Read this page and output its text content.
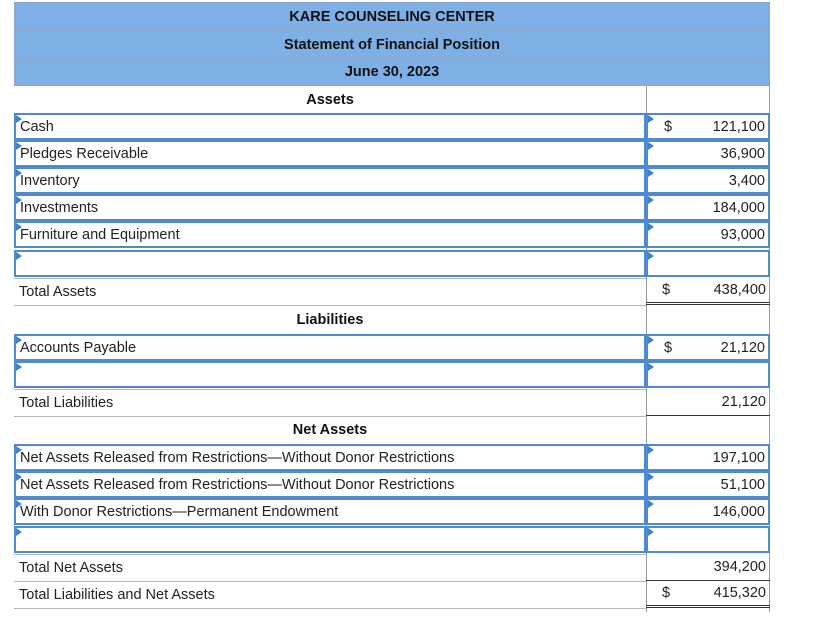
KARE COUNSELING CENTER
Statement of Financial Position
June 30, 2023
Assets
Cash	$	121,100
Pledges Receivable	36,900
Inventory	3,400
Investments	184,000
Furniture and Equipment	93,000
Total Assets	$	438,400
Liabilities
Accounts Payable	$	21,120
Total Liabilities	21,120
Net Assets
Net Assets Released from Restrictions—Without Donor Restrictions	197,100
Net Assets Released from Restrictions—Without Donor Restrictions	51,100
With Donor Restrictions—Permanent Endowment	146,000
Total Net Assets	394,200
Total Liabilities and Net Assets	$	415,320
